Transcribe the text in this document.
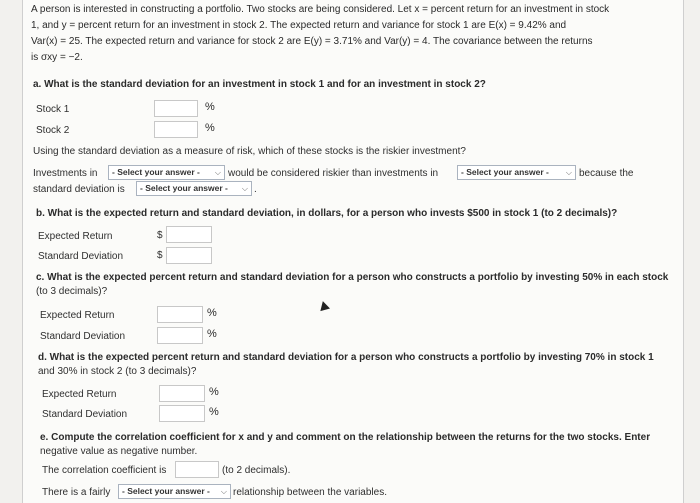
A person is interested in constructing a portfolio. Two stocks are being considered. Let x = percent return for an investment in stock

1, and y = percent return for an investment in stock 2. The expected return and variance for stock 1 are E(x) = 9.42% and

Var(x) = 25. The expected return and variance for stock 2 are E(y) = 3.71% and Var(y) = 4. The covariance between the returns

is σxy = −2.

a. What is the standard deviation for an investment in stock 1 and for an investment in stock 2?
Stock 1	%
Stock 2	%
Using the standard deviation as a measure of risk, which of these stocks is the riskier investment?
Investments in	- Select your answer - ⌵ would be considered riskier than investments in	- Select your answer - ⌵ because the
standard deviation is	- Select your answer - ⌵ .
b. What is the expected return and standard deviation, in dollars, for a person who invests $500 in stock 1 (to 2 decimals)?
Expected Return	$
Standard Deviation	$
c. What is the expected percent return and standard deviation for a person who constructs a portfolio by investing 50% in each stock
(to 3 decimals)?
Expected Return	%
Standard Deviation	%
d. What is the expected percent return and standard deviation for a person who constructs a portfolio by investing 70% in stock 1
and 30% in stock 2 (to 3 decimals)?
Expected Return	%
Standard Deviation	%
e. Compute the correlation coefficient for x and y and comment on the relationship between the returns for the two stocks. Enter
negative value as negative number.
The correlation coefficient is	(to 2 decimals).
There is a fairly	- Select your answer - ⌵ relationship between the variables.
